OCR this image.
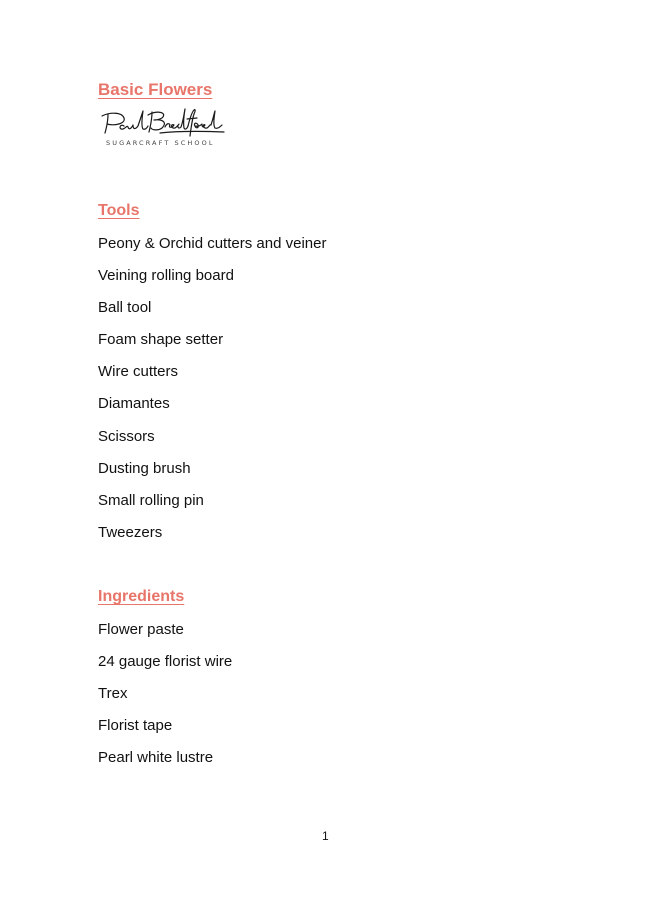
Basic Flowers
SUGARCRAFT SCHOOL
Tools
Peony & Orchid cutters and veiner
Veining rolling board
Ball tool
Foam shape setter
Wire cutters
Diamantes
Scissors
Dusting brush
Small rolling pin
Tweezers
Ingredients
Flower paste
24 gauge florist wire
Trex
Florist tape
Pearl white lustre
1
